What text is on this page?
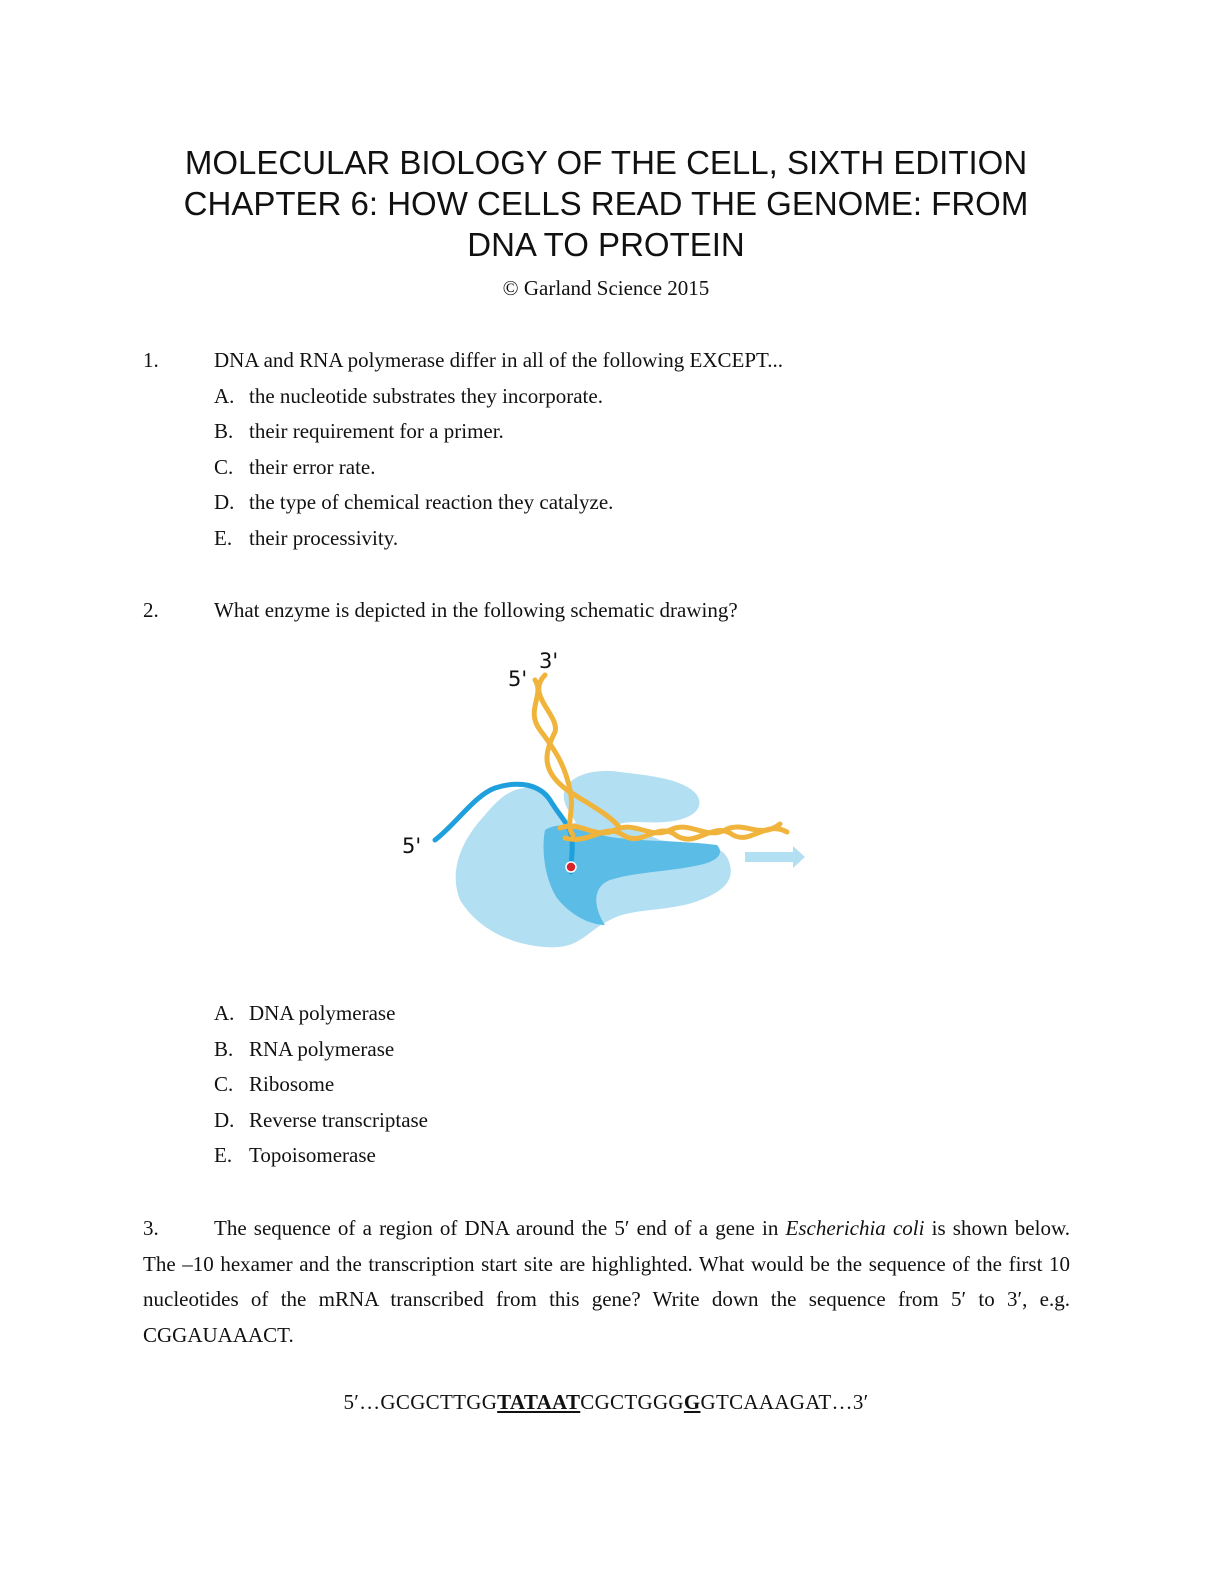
MOLECULAR BIOLOGY OF THE CELL, SIXTH EDITION
CHAPTER 6: HOW CELLS READ THE GENOME: FROM
DNA TO PROTEIN
© Garland Science 2015
1.	DNA and RNA polymerase differ in all of the following EXCEPT...
A. the nucleotide substrates they incorporate.
B. their requirement for a primer.
C. their error rate.
D. the type of chemical reaction they catalyze.
E. their processivity.
2.	What enzyme is depicted in the following schematic drawing?
5'
3'
5'
A. DNA polymerase
B. RNA polymerase
C. Ribosome
D. Reverse transcriptase
E. Topoisomerase
3.	The sequence of a region of DNA around the 5′ end of a gene in Escherichia coli is shown below. The –10 hexamer and the transcription start site are highlighted. What would be the sequence of the first 10 nucleotides of the mRNA transcribed from this gene? Write down the sequence from 5′ to 3′, e.g. CGGAUAAACT.
5′…GCGCTTGGTATAATCGCTGGGGGTCAAAGAT…3′
